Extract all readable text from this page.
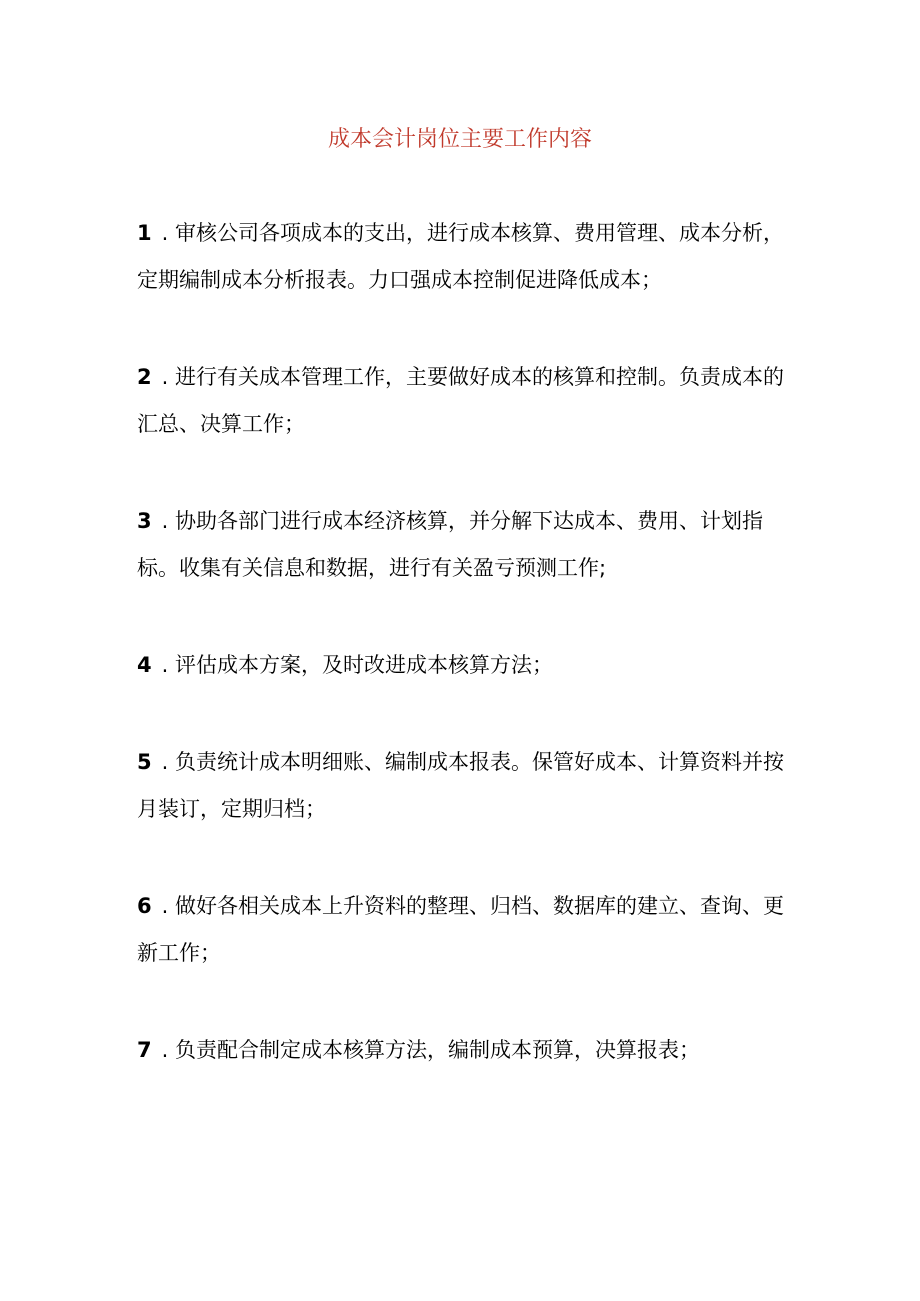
成本会计岗位主要工作内容

1 . 审核公司各项成本的支出，进行成本核算、费用管理、成本分析，定期编制成本分析报表。力口强成本控制促进降低成本；

2 . 进行有关成本管理工作，主要做好成本的核算和控制。负责成本的汇总、决算工作；

3 . 协助各部门进行成本经济核算，并分解下达成本、费用、计划指标。收集有关信息和数据，进行有关盈亏预测工作;

4 . 评估成本方案，及时改进成本核算方法；

5 . 负责统计成本明细账、编制成本报表。保管好成本、计算资料并按月装订，定期归档；

6 . 做好各相关成本上升资料的整理、归档、数据库的建立、查询、更新工作；

7 . 负责配合制定成本核算方法，编制成本预算，决算报表；
